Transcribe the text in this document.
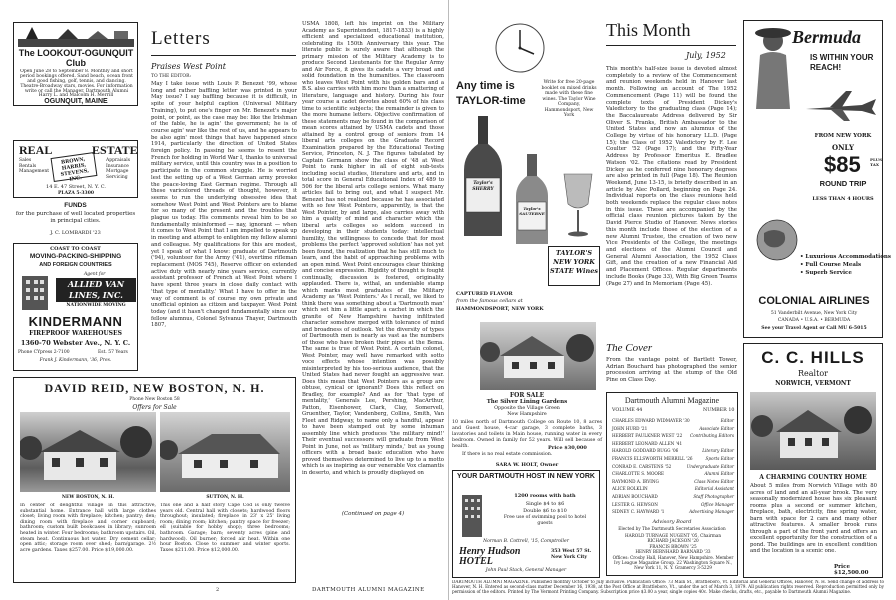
The LOOKOUT-OGUNQUIT Club
Open June 28 to September 8. Monthly and short period bookings offered. Sand beach, ocean front and good fishing, golf, tennis, and dancing. Theatre-Broadway stars, movies. For information write or call the Manager. Dartmouth Alumni
Harry L. and Malcolm H. Merrill
OGUNQUIT, MAINE
REAL	ESTATE
Sales Rentals Management
BROWN, HARRIS, STEVENS, INC.
Appraisals Insurance Mortgage Servicing
14 E. 47 Street, N. Y. C.
PLAZA 5-3300
FUNDS
for the purchase of well located properties in principal cities.
J. C. LOMBARDI '23
COAST TO COAST
MOVING-PACKING-SHIPPING
AND FOREIGN COUNTRIES
Agent for
ALLIED VAN LINES, INC.
NATIONWIDE MOVING
KINDERMANN
FIREPROOF WAREHOUSES
1360-70 Webster Ave., N. Y. C.
Phone CYpress 2-7100	Est. 57 Years
Frank J. Kindermann, '36, Pres.
Letters
Praises West Point
TO THE EDITOR:
May I take issue with Louis P. Benezet '99, whose long and rather baffling letter was printed in your May issue? I say baffling because it is difficult, in spite of your helpful caption (Universal Military Training), to put one's finger on Mr. Benezet's major point, or point, as the case may be: like the Irishman of the fable, he is agin' the government; he is of course agin' war like the rest of us, and he appears to be also agin' most things that have happened since 1914, particularly the direction of United States foreign policy. In passing he seems to resent the French for holding in World War I, thanks to universal military service, until this country was in a position to participate in the common struggle. He is worried lest the setting up of a West German army provoke the peace-loving East German regime. Through all these varicolored threads of thought, however, it seems to run the underlying obsessive idea that somehow West Point and West Pointers are to blame for so many of the present and the troubles that plague us today. His comments reveal him to be so fundamentally misinformed — nay, ignorant — when it comes to West Point that I am impelled to speak up in meeting and attempt to enlighten my fellow alumni and colleague. My qualifications for this are modest, yet I speak of what I know: graduate of Dartmouth ('94), volunteer for the Army ('41), overtime rifleman replacement (MOS 745), Reserve officer on extended active duty with nearly nine years service, currently assistant professor of French at West Point where I have spent three years in close daily contact with 'that type of mentality.' What I have to offer in the way of comment is of course my own private and unofficial opinion as citizen and taxpayer. West Point today (and it hasn't changed fundamentally since our fellow alumnus, Colonel Sylvanus Thayer, Dartmouth 1807,
USMA 1808, left his imprint on the Military Academy as Superintendent, 1817-1833) is a highly efficient and specialized educational institution, celebrating its 150th Anniversary this year. The literate public is surely aware that although the primary mission of the Military Academy is to produce Second Lieutenants for the Regular Army and Air Force, it gives its cadets a very broad and solid foundation in the humanities. The classroom who leaves West Point with his golden bars and a B.S. also carries with him more than a smattering of literature, language and history. During his four year course a cadet devotes about 60% of his class time to scientific subjects; the remainder is given to the more humane letters. Objective confirmation of these statements may be found in the comparison of mean scores attained by USMA cadets and those attained by a control group of seniors from 14 liberal arts colleges on the Graduate Record Examination prepared by the Educational Testing Service, Princeton, N. J. The figures tabulated by Captain Germann show the class of '48 at West Point to rank higher in all of eight sub-tests including social studies, literature and arts, and in total score in General Educational Index of 489 to 506 for the liberal arts college seniors. What many articles fail to bring out, and what I suspect Mr. Benezet has not realized because he has associated with so few West Pointers, apparently, is that the West Pointer, by and large, also carries away with him a quality of mind and character which the liberal arts colleges so seldom succeed in developing in their students today: intellectual humility, the willingness to concede that for most problems the perfect 'approved solution' has not yet been found, the realization that he has still much to learn, and the habit of approaching problems with an open mind. West Point encourages clear thinking and concise expression. Rigidity of thought is fought continually, discussion is fostered, originality applauded. There is, withal, an undeniable stamp which marks most graduates of the Military Academy as 'West Pointers.' As I recall, we liked to think there was something about a 'Dartmouth man' which set him a little apart; a cachet in which the granite of New Hampshire having infiltrated character somehow merged with tolerance of mind and broadness of outlook. Yet the diversity of types of Dartmouth men is nearly as vast as the numbers of those who have broken their pipes at the Bema. The same is true of West Point. A certain colonel, West Pointer, may well have remarked with sotto voce effects whose intention was possibly misinterpreted by his too-serious audience, that the United States had never fought an aggressive war. Does this mean that West Pointers as a group are obtuse, cynical or ignorant? Does this reflect on Bradley, for example? And as for 'that type of mentality,' Generals Lee, Pershing, MacArthur, Patton, Eisenhower, Clark, Clay, Somervell, Gruenther, Taylor, Vandenberg, Collins, Smith, Van Fleet and Ridgway, to name only a handful, appear to have been stamped out by some inhuman assembly line which produces 'the military mind!' Their eventual successors will graduate from West Point in June, not as 'military minds,' but as young officers with a broad basic education who have proved themselves determined to live up to a motto which is as inspiring as our venerable Vox clamantis in deserto, and which is proudly displayed on
(Continued on page 4)
DAVID REID, NEW BOSTON, N. H.
Phone New Boston 58
Offers for Sale
NEW BOSTON, N. H.	SUTTON, N. H.
In center of delightful village in this attractive, substantial home. Entrance hall with large clothes closet; living room with fireplace; kitchen; pantry; den; dining room with fireplace and corner cupboard; bathroom; custom built bookcases in library; sunroom heated in winter. Four bedrooms; bathroom upstairs. Oil, steam heat. Continuous hot water. Dry cement cellar; open attic; storage room over shed; barn/garage. 2½ acre gardens. Taxes $257.00. Price $19,000.00.
This one and a half story Cape Cod is only twelve years old. Central hall with closets; hardwood floors throughout; insulated; fireplace in 23' x 25' living room; dining room; kitchen; pantry space for freezer; ell (suitable for hobby shop); three bedrooms; bathroom. Garage; barn; seventy acres (pine and hardwood). Oil burner; forced air heat. Within one hour Boston. Close to summer and winter sports. Taxes $211.00. Price $12,000.00.
2	DARTMOUTH ALUMNI MAGAZINE
Any time is
TAYLOR-time
Write for free 20-page booklet on mixed drinks made with these fine wines. The Taylor Wine Company, Hammondsport, New York
Taylor's SHERRY
Taylor's SAUTERNE
TAYLOR'S NEW YORK STATE Wines
CAPTURED FLAVOR
from the famous cellars at
HAMMONDSPORT, NEW YORK
This Month
July, 1952
This month's half-size issue is devoted almost completely to a review of the Commencement and reunion weekends held in Hanover last month. Following an account of The 1952 Commencement (Page 11) will be found the complete texts of President Dickey's Valedictory to the graduating class (Page 14); the Baccalaureate Address delivered by Sir Oliver S. Franks, British Ambassador to the United States and now an alumnus of the College by virtue of his honorary LL.D. (Page 15); the Class of 1952 Valedictory by F. Lee Coulter '52 (Page 17); and the Fifty-Year Address by Professor Emeritus E. Bradlee Watson '02. The citations read by President Dickey as he conferred nine honorary degrees are also printed in full (Page 18). The Reunion Weekend, June 13-15, is briefly described in an article by Alec Pollard, beginning on Page 24. Individual reports on the class reunions held both weekends replace the regular class notes in this issue. These are accompanied by the official class reunion pictures taken by the David Pierce Studio of Hanover. News stories this month include those of the election of a new Alumni Trustee, the creation of two new Vice Presidents of the College, the meetings and elections of the Alumni Council and General Alumni Association, the 1952 Class Gift, and the creation of a new Financial Aid and Placement Offices. Regular departments include Books (Page 33), With Big Green Teams (Page 27) and In Memoriam (Page 45).
The Cover
From the vantage point of Bartlett Tower, Adrian Bouchard has photographed the senior procession arriving at the stump of the Old Pine on Class Day.
FOR SALE
The Silver Lining Gardens
Opposite the Village Green
New Hampshire
10 miles north of Dartmouth College on Route 10, 8 acres and Guest house, 4-car garage, 3 complete baths, 3 lavatories and toilets in Main house, running water in every bedroom. Owned in family for 52 years. Will sell because of health.	Price $30,000
If there is no real estate commission.
SARA W. HOLT, Owner
YOUR DARTMOUTH HOST IN NEW YORK
1200 rooms with bath
Single $4 to $6
Double $6 to $10
Free use of swimming pool to hotel guests
Norman B. Cottrell, '15, Comptroller
Henry Hudson HOTEL
353 West 57 St. New York City
John Paul Stack, General Manager
Dartmouth Alumni Magazine
VOLUME 44	NUMBER 10
CHARLES EDWARD WIDMAYER '30	Editor
JOHN HURD '21	Associate Editor
HERBERT FAULKNER WEST '22 Contributing Editors
HERBERT LEONARD ALLEN '41
HAROLD GODDARD RUGG '06	Literary Editor
FRANCIS ELLSWORTH MERRILL '26	Sports Editor
CONRAD E. CARSTENS '52	Undergraduate Editor
CHARLOTTE S. MOORE	Alumni Editor
RAYMOND A. IRVING	Class Notes Editor
ALICE BOLKLIN	Editorial Assistant
ADRIAN BOUCHARD	Staff Photographer
LESTER G. HEWSON	Office Manager
SIDNEY C. HAYWARD '1	Advertising Manager
Advisory Board
Elected by The Dartmouth Secretaries Association
HAROLD TURNAGE NUGENT '05, Chairman
RICHARD JACKSON '20
FRANCIS BROWN '25
HENRY BERNHARD BARNARD '33
Offices: Crosby Hall, Hanover, New Hampshire. Member Ivy League Magazine Group. 22 Washington Square N., New York 11, N. Y. Gramercy 3-5229
Bermuda
IS WITHIN YOUR REACH!
FROM NEW YORK
ONLY
$85 PLUS TAX
ROUND TRIP
LESS THAN 4 HOURS
• Luxurious Accommodations
• Full Course Meals
• Superb Service
COLONIAL AIRLINES
51 Vanderbilt Avenue, New York City
CANADA • U.S.A. • BERMUDA
See your Travel Agent or Call MU 6-5015
C. C. HILLS
Realtor
NORWICH, VERMONT
A CHARMING COUNTRY HOME
About 5 miles from Norwich Village with 80 acres of land and an all-year brook. The very seasonally modernized house has six pleasant rooms plus a second or summer kitchen, fireplace, bath, electricity, fine spring water, barn with space for 2 cars and many other attractive features. A smaller brook runs through a part of the front yard and offers an excellent opportunity for the construction of a pond. The buildings are in excellent condition and the location is a scenic one.
Price $12,500.00
DARTMOUTH ALUMNI MAGAZINE. Published monthly October to July inclusive. Publication Office: 73 Main St., Brattleboro, Vt. Editorial and General Offices, Hanover, N. H. Send change of address to Hanover, N. H. Entered as second-class matter December 16, 1938, at the Post Office at Brattleboro, Vt., under the act of March 3, 1879. All publication rights reserved. Reproduction permitted only by permission of the editors. Printed by The Vermont Printing Company. Subscription price $3.00 a year, single copies 40c. Make checks, drafts, etc., payable to Dartmouth Alumni Magazine.
